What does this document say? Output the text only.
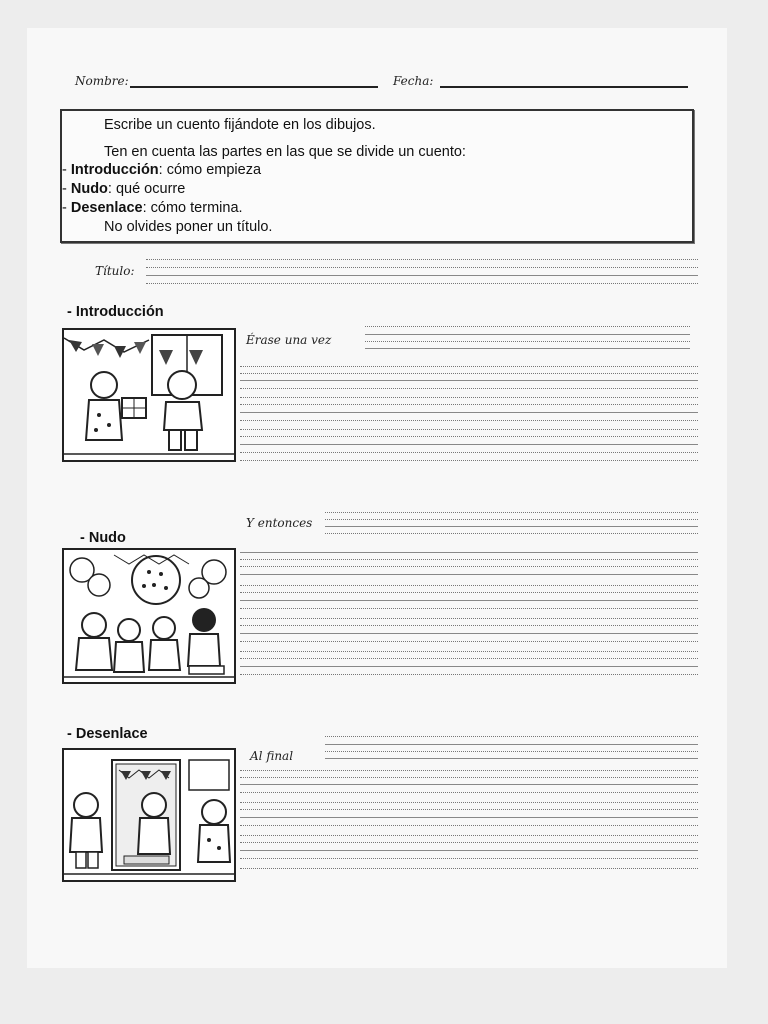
Nombre:	Fecha:
Escribe un cuento fijándote en los dibujos.
Ten en cuenta las partes en las que se divide un cuento:
- Introducción: cómo empieza
- Nudo: qué ocurre
- Desenlace: cómo termina.
No olvides poner un título.
Título:
- Introducción
Érase una vez
Y entonces
- Nudo
- Desenlace
Al final
